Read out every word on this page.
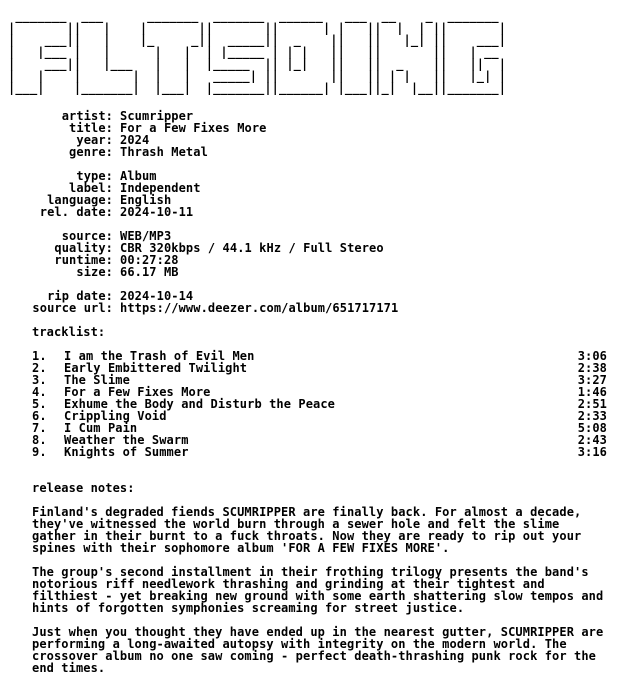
_______  ___      _______  _______  ______   ___  __    _  _______
|       ||   |    |       ||       ||      | |   ||  |  | ||       |
|    ___||   |    |_     _||  _____||  _    ||   ||   |_| ||    ___|
|   |___ |   |      |   |  | |_____ | | |   ||   ||       ||   | __
|    ___||   |___   |   |  |_____  || |_|   ||   ||  _    ||   ||  |
|   |    |       |  |   |   _____| ||       ||   || | |   ||   |_| |
|___|    |_______|  |___|  |_______||______| |___||_|  |__||_______|
artist: Scumripper
title: For a Few Fixes More
year: 2024
genre: Thrash Metal
type: Album
label: Independent
language: English
rel. date: 2024-10-11
source: WEB/MP3
quality: CBR 320kbps / 44.1 kHz / Full Stereo
runtime: 00:27:28
size: 66.17 MB
rip date: 2024-10-14
source url: https://www.deezer.com/album/651717171
tracklist:
1.	I am the Trash of Evil Men	3:06
2.	Early Embittered Twilight	2:38
3.	The Slime	3:27
4.	For a Few Fixes More	1:46
5.	Exhume the Body and Disturb the Peace	2:51
6.	Crippling Void	2:33
7.	I Cum Pain	5:08
8.	Weather the Swarm	2:43
9.	Knights of Summer	3:16
release notes:

Finland's degraded fiends SCUMRIPPER are finally back. For almost a decade, they've witnessed the world burn through a sewer hole and felt the slime gather in their burnt to a fuck throats. Now they are ready to rip out your spines with their sophomore album 'FOR A FEW FIXES MORE'.

The group's second installment in their frothing trilogy presents the band's notorious riff needlework thrashing and grinding at their tightest and filthiest - yet breaking new ground with some earth shattering slow tempos and hints of forgotten symphonies screaming for street justice.

Just when you thought they have ended up in the nearest gutter, SCUMRIPPER are performing a long-awaited autopsy with integrity on the modern world. The crossover album no one saw coming - perfect death-thrashing punk rock for the end times.
